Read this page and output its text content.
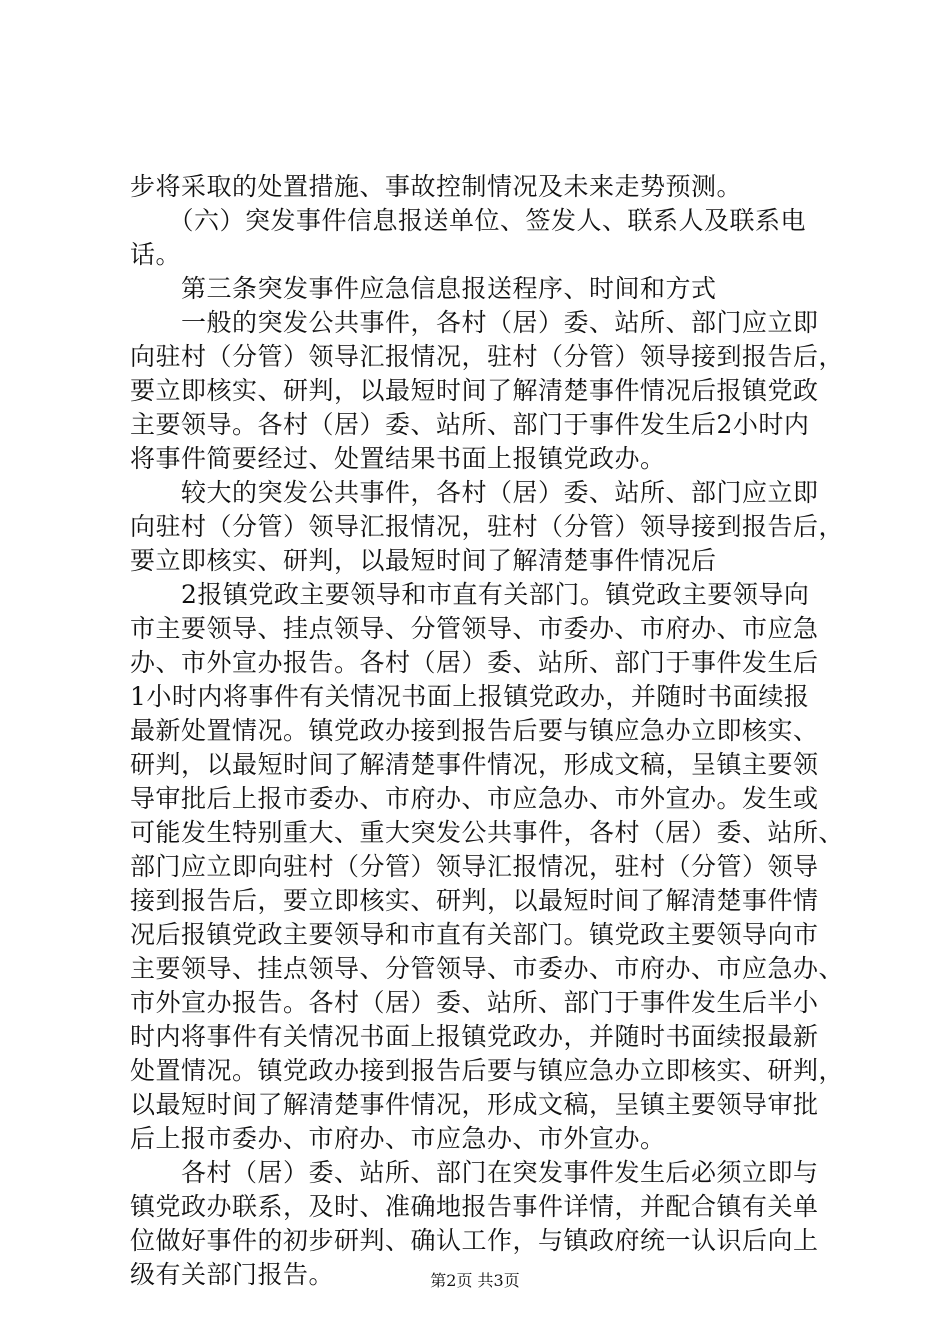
步将采取的处置措施、事故控制情况及未来走势预测。
　　（六）突发事件信息报送单位、签发人、联系人及联系电
话。
　　第三条突发事件应急信息报送程序、时间和方式
　　一般的突发公共事件，各村（居）委、站所、部门应立即
向驻村（分管）领导汇报情况，驻村（分管）领导接到报告后，
要立即核实、研判，以最短时间了解清楚事件情况后报镇党政
主要领导。各村（居）委、站所、部门于事件发生后2小时内
将事件简要经过、处置结果书面上报镇党政办。
　　较大的突发公共事件，各村（居）委、站所、部门应立即
向驻村（分管）领导汇报情况，驻村（分管）领导接到报告后，
要立即核实、研判，以最短时间了解清楚事件情况后
　　2报镇党政主要领导和市直有关部门。镇党政主要领导向
市主要领导、挂点领导、分管领导、市委办、市府办、市应急
办、市外宣办报告。各村（居）委、站所、部门于事件发生后
1小时内将事件有关情况书面上报镇党政办，并随时书面续报
最新处置情况。镇党政办接到报告后要与镇应急办立即核实、
研判，以最短时间了解清楚事件情况，形成文稿，呈镇主要领
导审批后上报市委办、市府办、市应急办、市外宣办。发生或
可能发生特别重大、重大突发公共事件，各村（居）委、站所、
部门应立即向驻村（分管）领导汇报情况，驻村（分管）领导
接到报告后，要立即核实、研判，以最短时间了解清楚事件情
况后报镇党政主要领导和市直有关部门。镇党政主要领导向市
主要领导、挂点领导、分管领导、市委办、市府办、市应急办、
市外宣办报告。各村（居）委、站所、部门于事件发生后半小
时内将事件有关情况书面上报镇党政办，并随时书面续报最新
处置情况。镇党政办接到报告后要与镇应急办立即核实、研判，
以最短时间了解清楚事件情况，形成文稿，呈镇主要领导审批
后上报市委办、市府办、市应急办、市外宣办。
　　各村（居）委、站所、部门在突发事件发生后必须立即与
镇党政办联系，及时、准确地报告事件详情，并配合镇有关单
位做好事件的初步研判、确认工作，与镇政府统一认识后向上
级有关部门报告。	第2页 共3页
